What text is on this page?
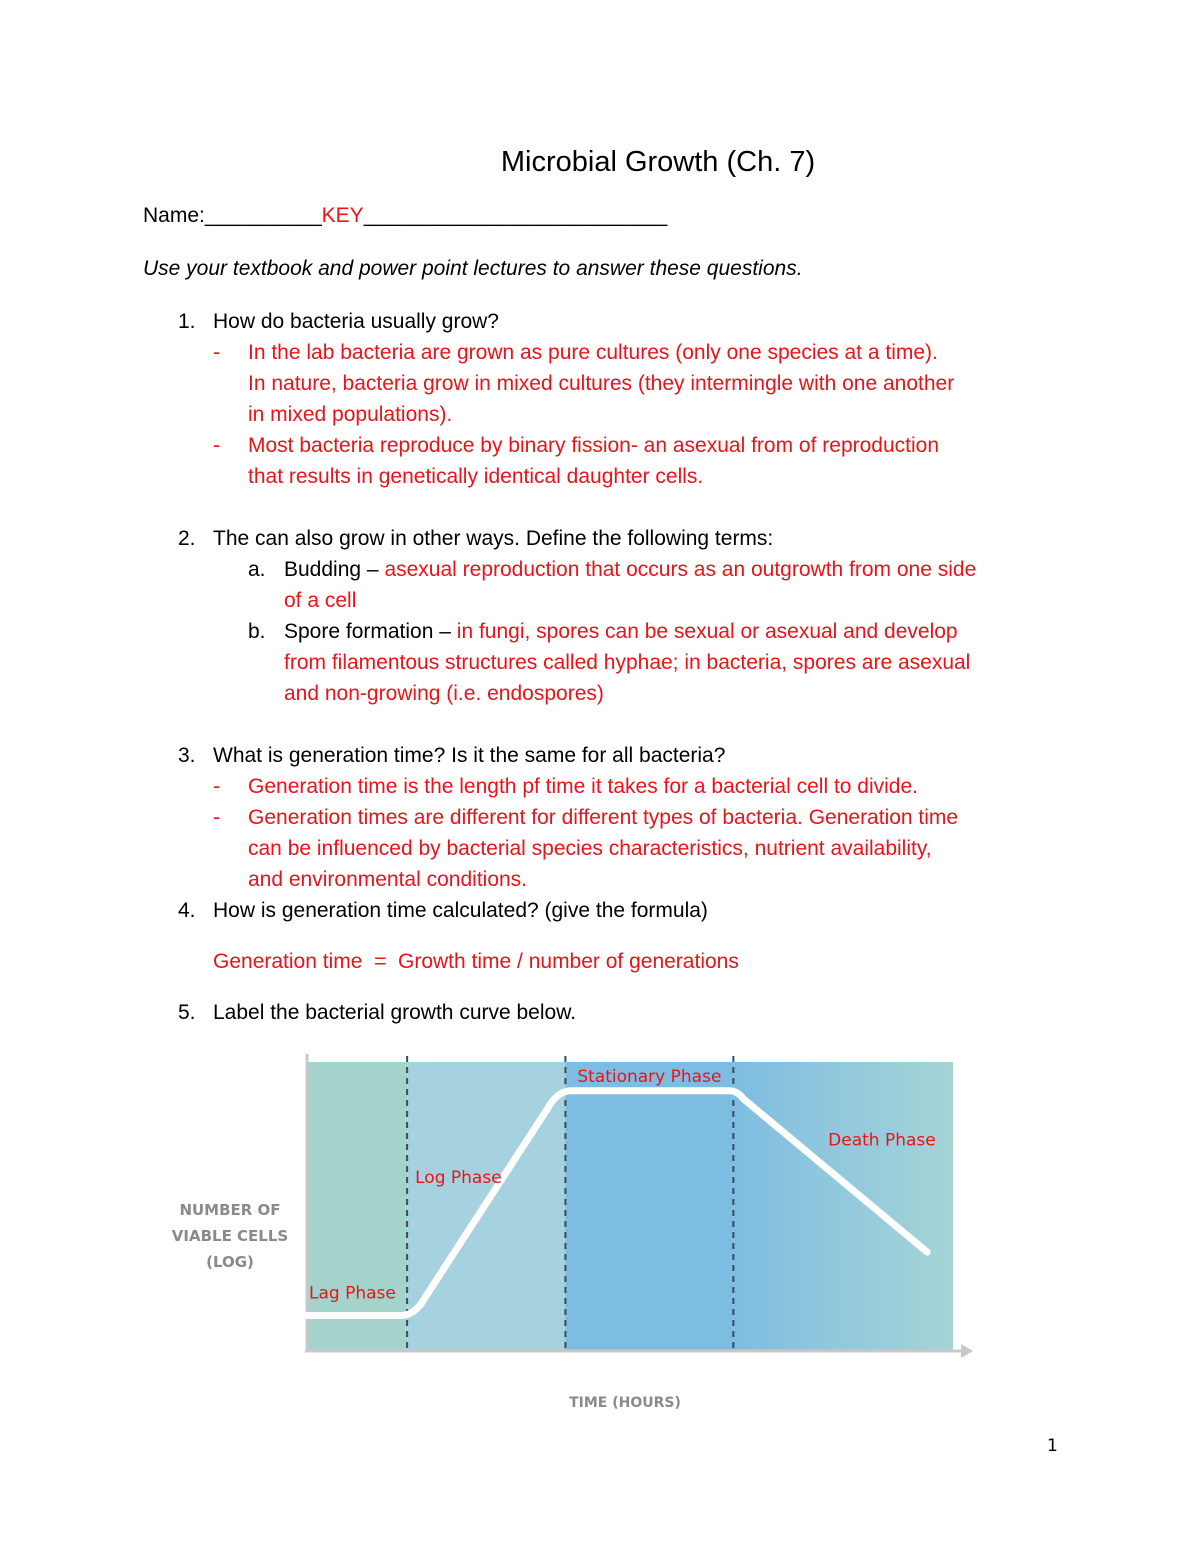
Microbial Growth (Ch. 7)
Name:__________KEY__________________________
Use your textbook and power point lectures to answer these questions.
1. How do bacteria usually grow?
- In the lab bacteria are grown as pure cultures (only one species at a time).
In nature, bacteria grow in mixed cultures (they intermingle with one another
in mixed populations).
- Most bacteria reproduce by binary fission- an asexual from of reproduction
that results in genetically identical daughter cells.
2. The can also grow in other ways. Define the following terms:
a. Budding – asexual reproduction that occurs as an outgrowth from one side
of a cell
b. Spore formation – in fungi, spores can be sexual or asexual and develop
from filamentous structures called hyphae; in bacteria, spores are asexual
and non-growing (i.e. endospores)
3. What is generation time? Is it the same for all bacteria?
- Generation time is the length pf time it takes for a bacterial cell to divide.
- Generation times are different for different types of bacteria. Generation time
can be influenced by bacterial species characteristics, nutrient availability,
and environmental conditions.
4. How is generation time calculated? (give the formula)
Generation time  =  Growth time / number of generations
5. Label the bacterial growth curve below.
Lag Phase
Log Phase
Stationary Phase
Death Phase
NUMBER OF
VIABLE CELLS
(LOG)
TIME (HOURS)
1
